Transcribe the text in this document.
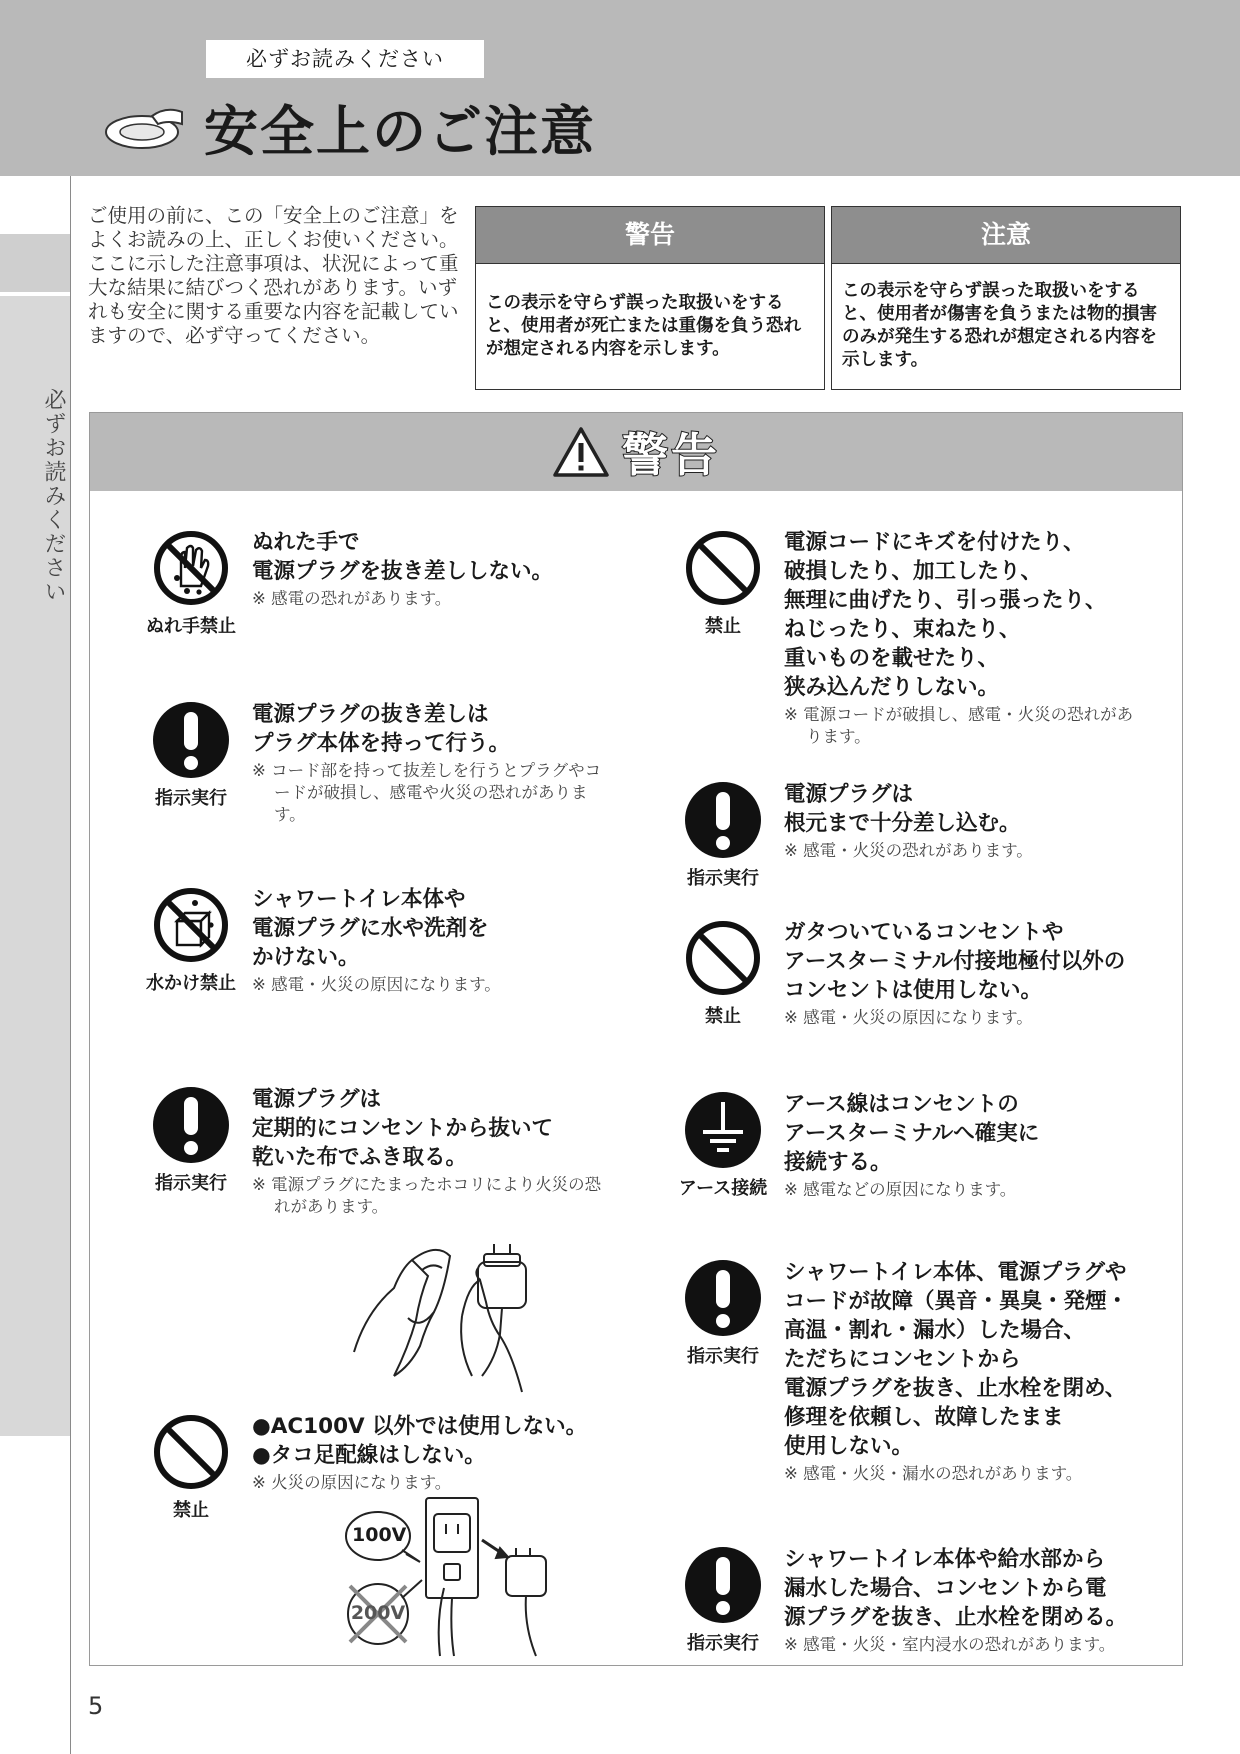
必ずお読みください
安全上のご注意
必ずお読みください

ご使用の前に、この「安全上のご注意」をよくお読みの上、正しくお使いください。

ここに示した注意事項は、状況によって重大な結果に結びつく恐れがあります。いずれも安全に関する重要な内容を記載していますので、必ず守ってください。

警告
この表示を守らず誤った取扱いをすると、使用者が死亡または重傷を負う恐れが想定される内容を示します。
注意
この表示を守らず誤った取扱いをすると、使用者が傷害を負うまたは物的損害のみが発生する恐れが想定される内容を示します。
警告
ぬれ手禁止
ぬれた手で
電源プラグを抜き差ししない。
※ 感電の恐れがあります。
指示実行
電源プラグの抜き差しは
プラグ本体を持って行う。
※ コード部を持って抜差しを行うとプラグやコードが破損し、感電や火災の恐れがあります。
水かけ禁止
シャワートイレ本体や
電源プラグに水や洗剤を
かけない。
※ 感電・火災の原因になります。
指示実行
電源プラグは
定期的にコンセントから抜いて
乾いた布でふき取る。
※ 電源プラグにたまったホコリにより火災の恐れがあります。
禁止
●AC100V 以外では使用しない。
●タコ足配線はしない。
※ 火災の原因になります。
100V
200V
禁止
電源コードにキズを付けたり、
破損したり、加工したり、
無理に曲げたり、引っ張ったり、
ねじったり、束ねたり、
重いものを載せたり、
狭み込んだりしない。
※ 電源コードが破損し、感電・火災の恐れがあります。
指示実行
電源プラグは
根元まで十分差し込む。
※ 感電・火災の恐れがあります。
禁止
ガタついているコンセントや
アースターミナル付接地極付以外の
コンセントは使用しない。
※ 感電・火災の原因になります。
アース接続
アース線はコンセントの
アースターミナルへ確実に
接続する。
※ 感電などの原因になります。
指示実行
シャワートイレ本体、電源プラグや
コードが故障（異音・異臭・発煙・
高温・割れ・漏水）した場合、
ただちにコンセントから
電源プラグを抜き、止水栓を閉め、
修理を依頼し、故障したまま
使用しない。
※ 感電・火災・漏水の恐れがあります。
指示実行
シャワートイレ本体や給水部から
漏水した場合、コンセントから電
源プラグを抜き、止水栓を閉める。
※ 感電・火災・室内浸水の恐れがあります。
5
